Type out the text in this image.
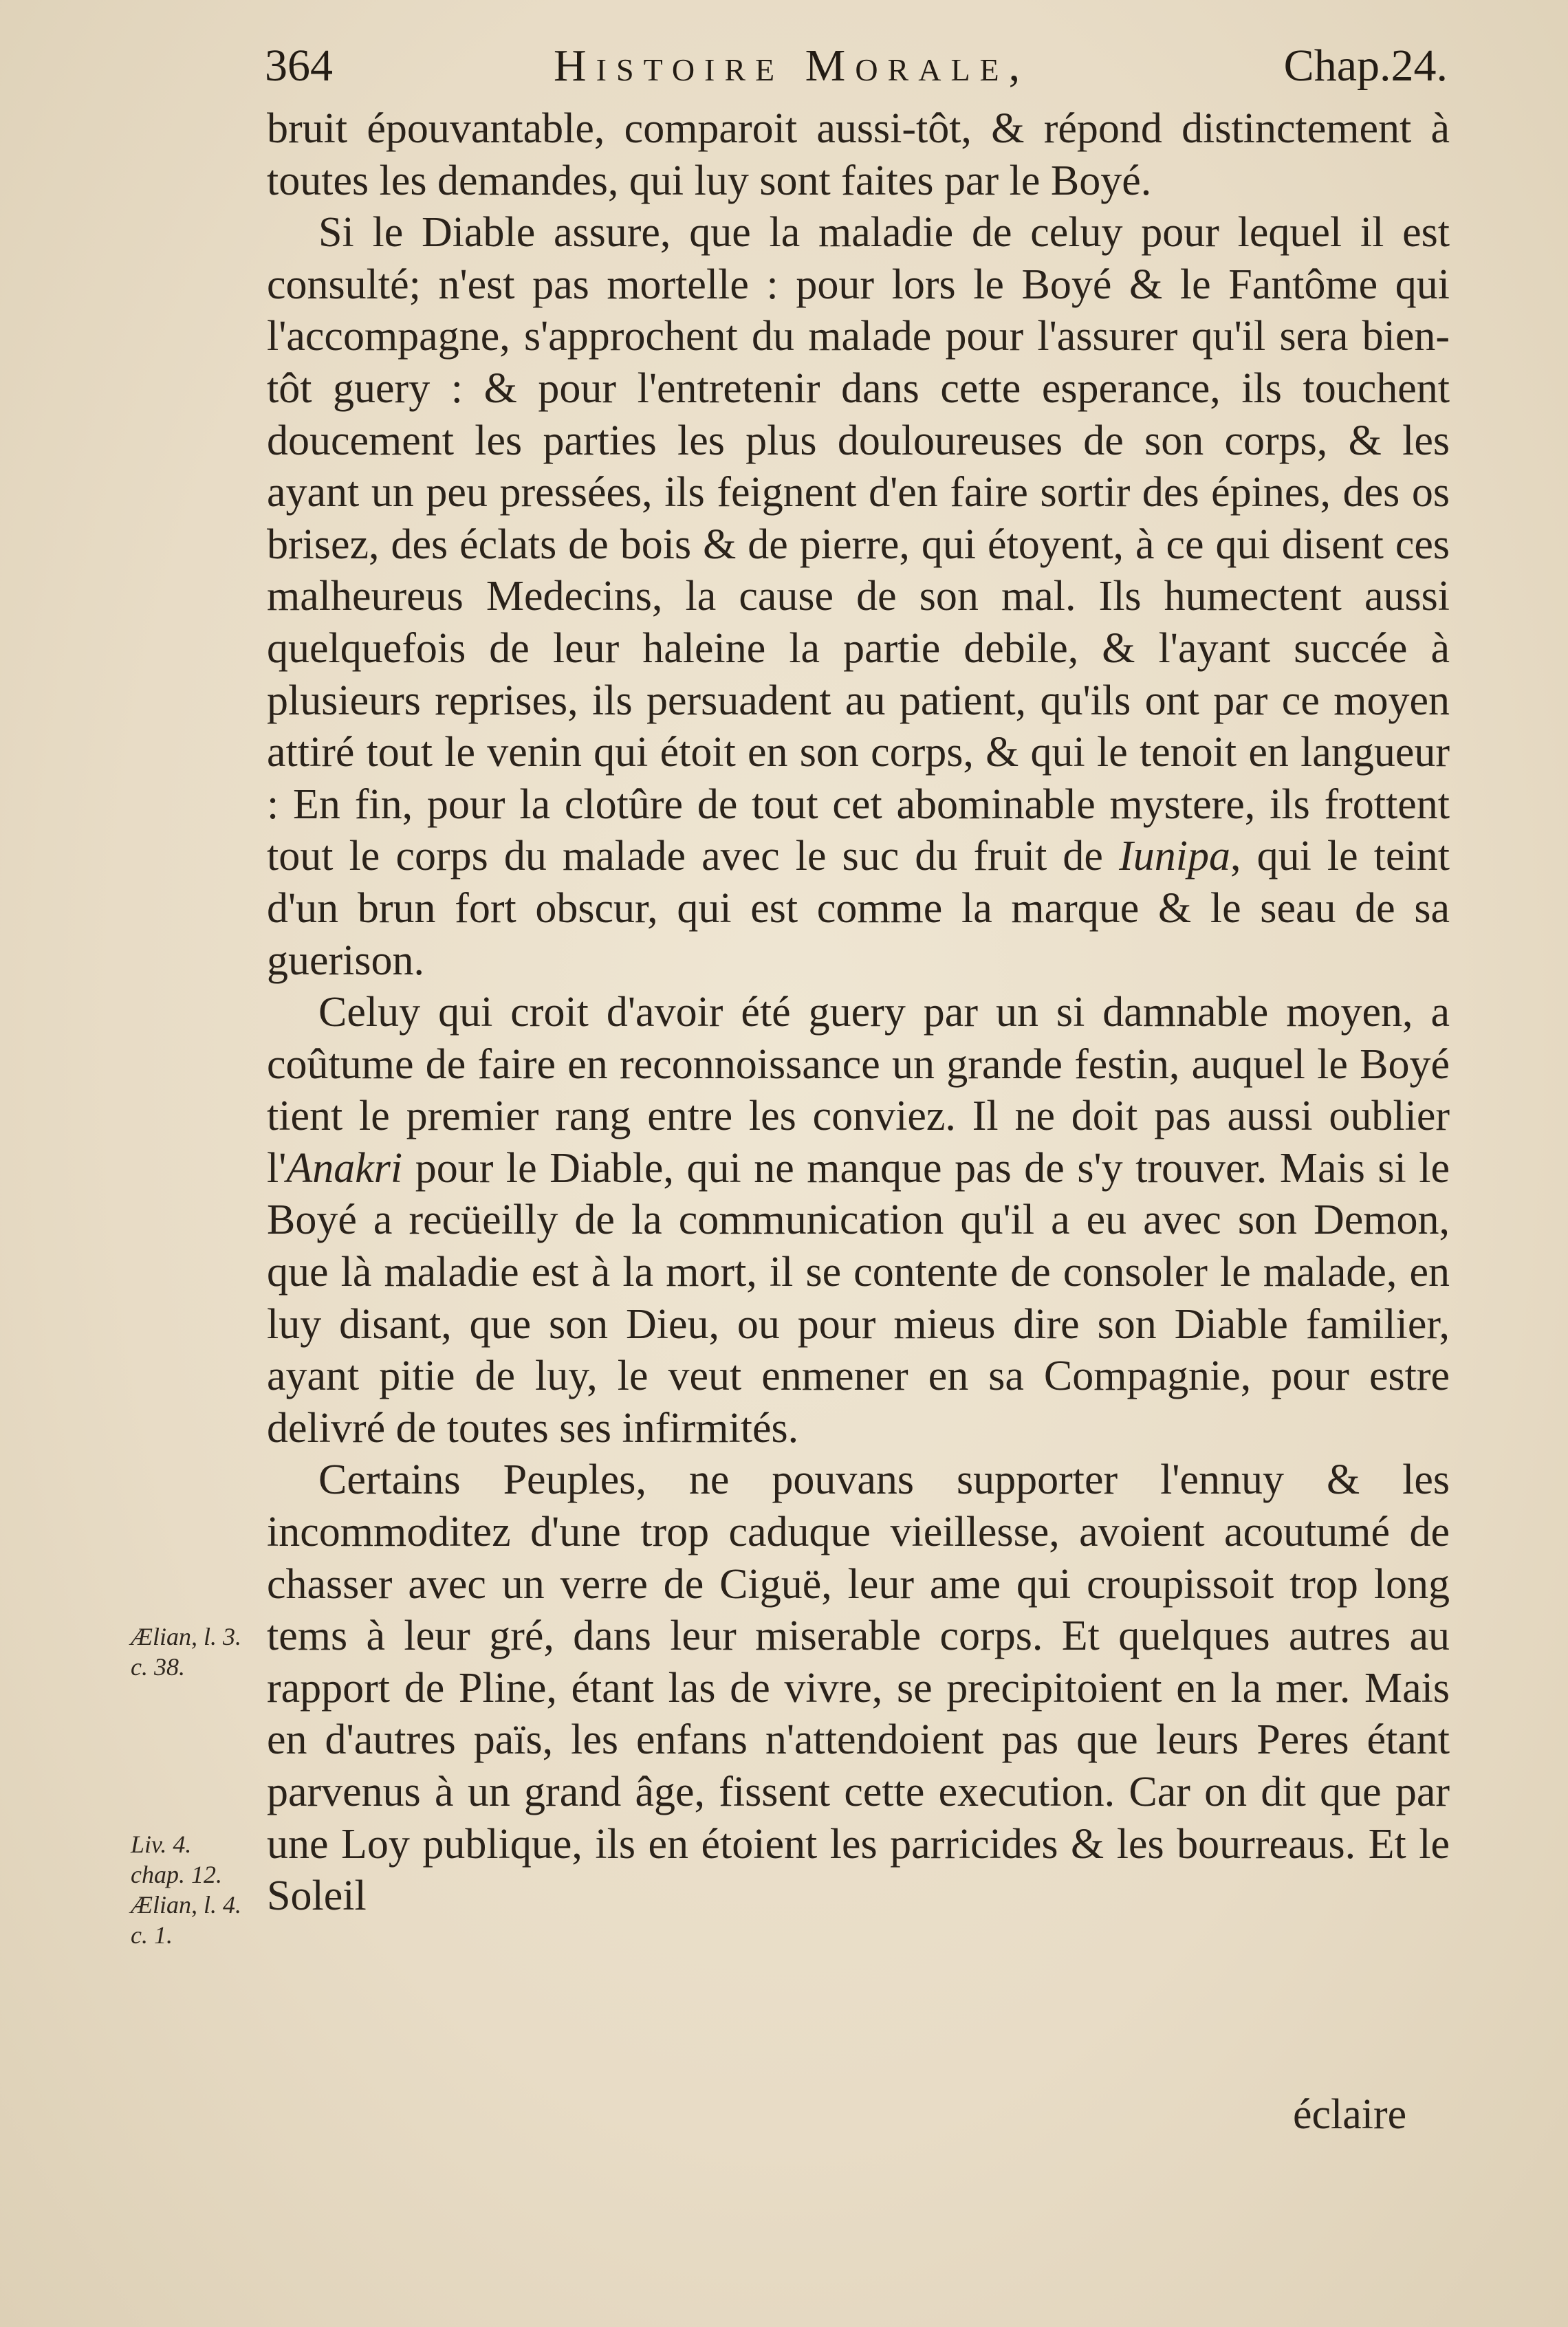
364	Histoire Morale,	Chap.24.

bruit épouvantable, comparoit aussi-tôt, & répond distinctement à toutes les demandes, qui luy sont faites par le Boyé.

Si le Diable assure, que la maladie de celuy pour lequel il est consulté; n'est pas mortelle : pour lors le Boyé & le Fantôme qui l'accompagne, s'approchent du malade pour l'assurer qu'il sera bien-tôt guery : & pour l'entretenir dans cette esperance, ils touchent doucement les parties les plus douloureuses de son corps, & les ayant un peu pressées, ils feignent d'en faire sortir des épines, des os brisez, des éclats de bois & de pierre, qui étoyent, à ce qui disent ces malheureus Medecins, la cause de son mal. Ils humectent aussi quelquefois de leur haleine la partie debile, & l'ayant succée à plusieurs reprises, ils persuadent au patient, qu'ils ont par ce moyen attiré tout le venin qui étoit en son corps, & qui le tenoit en langueur : En fin, pour la clotûre de tout cet abominable mystere, ils frottent tout le corps du malade avec le suc du fruit de Iunipa, qui le teint d'un brun fort obscur, qui est comme la marque & le seau de sa guerison.

Celuy qui croit d'avoir été guery par un si damnable moyen, a coûtume de faire en reconnoissance un grande festin, auquel le Boyé tient le premier rang entre les conviez. Il ne doit pas aussi oublier l'Anakri pour le Diable, qui ne manque pas de s'y trouver. Mais si le Boyé a recüeilly de la communication qu'il a eu avec son Demon, que là maladie est à la mort, il se contente de consoler le malade, en luy disant, que son Dieu, ou pour mieus dire son Diable familier, ayant pitie de luy, le veut enmener en sa Compagnie, pour estre delivré de toutes ses infirmités.

Certains Peuples, ne pouvans supporter l'ennuy & les incommoditez d'une trop caduque vieillesse, avoient acoutumé de chasser avec un verre de Ciguë, leur ame qui croupissoit trop long tems à leur gré, dans leur miserable corps. Et quelques autres au rapport de Pline, étant las de vivre, se precipitoient en la mer. Mais en d'autres païs, les enfans n'attendoient pas que leurs Peres étant parvenus à un grand âge, fissent cette execution. Car on dit que par une Loy publique, ils en étoient les parricides & les bourreaus. Et le Soleil

éclaire
Ælian, l. 3. c. 38.
Liv. 4. chap. 12. Ælian, l. 4. c. 1.
